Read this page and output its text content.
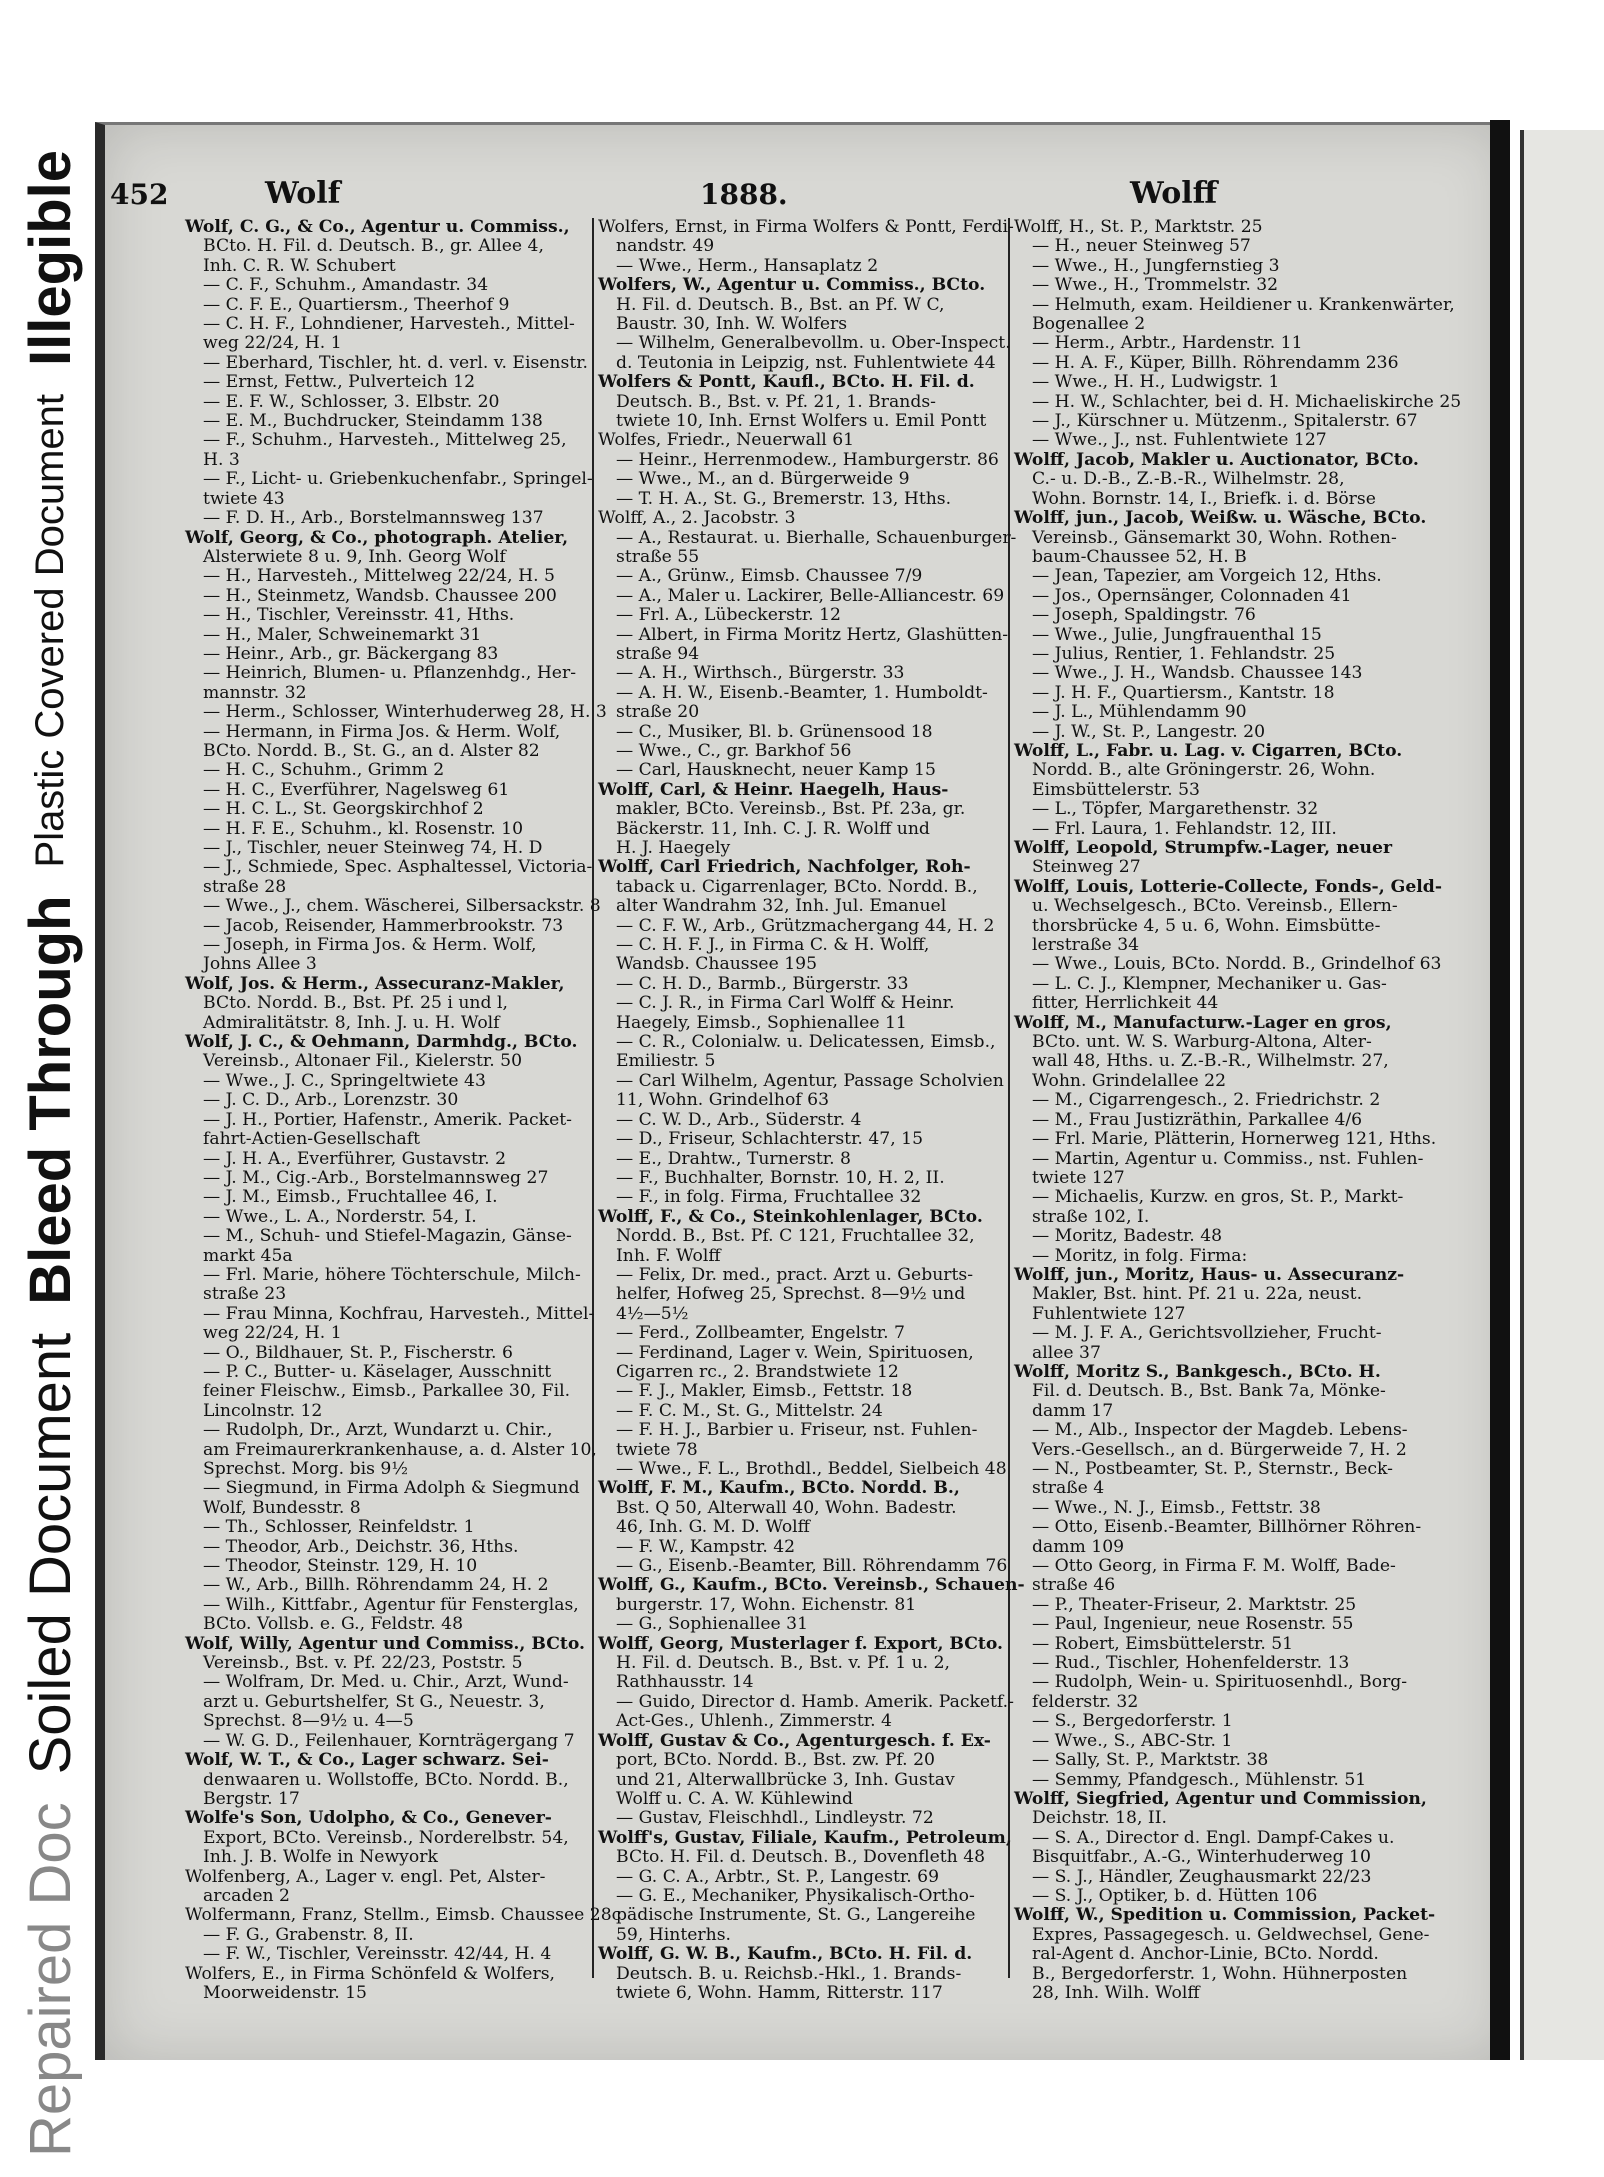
Illegible
Plastic Covered Document
Bleed Through
Soiled Document
Repaired Doc
452	Wolf	1888.	Wolff
Wolf, C. G., & Co., Agentur u. Commiss.,
BCto. H. Fil. d. Deutsch. B., gr. Allee 4,
Inh. C. R. W. Schubert
— C. F., Schuhm., Amandastr. 34
— C. F. E., Quartiersm., Theerhof 9
— C. H. F., Lohndiener, Harvesteh., Mittel-
weg 22/24, H. 1
— Eberhard, Tischler, ht. d. verl. v. Eisenstr.
— Ernst, Fettw., Pulverteich 12
— E. F. W., Schlosser, 3. Elbstr. 20
— E. M., Buchdrucker, Steindamm 138
— F., Schuhm., Harvesteh., Mittelweg 25,
H. 3
— F., Licht- u. Griebenkuchenfabr., Springel-
twiete 43
— F. D. H., Arb., Borstelmannsweg 137
Wolf, Georg, & Co., photograph. Atelier,
Alsterwiete 8 u. 9, Inh. Georg Wolf
— H., Harvesteh., Mittelweg 22/24, H. 5
— H., Steinmetz, Wandsb. Chaussee 200
— H., Tischler, Vereinsstr. 41, Hths.
— H., Maler, Schweinemarkt 31
— Heinr., Arb., gr. Bäckergang 83
— Heinrich, Blumen- u. Pflanzenhdg., Her-
mannstr. 32
— Herm., Schlosser, Winterhuderweg 28, H. 3
— Hermann, in Firma Jos. & Herm. Wolf,
BCto. Nordd. B., St. G., an d. Alster 82
— H. C., Schuhm., Grimm 2
— H. C., Everführer, Nagelsweg 61
— H. C. L., St. Georgskirchhof 2
— H. F. E., Schuhm., kl. Rosenstr. 10
— J., Tischler, neuer Steinweg 74, H. D
— J., Schmiede, Spec. Asphaltessel, Victoria-
straße 28
— Wwe., J., chem. Wäscherei, Silbersackstr. 8
— Jacob, Reisender, Hammerbrookstr. 73
— Joseph, in Firma Jos. & Herm. Wolf,
Johns Allee 3
Wolf, Jos. & Herm., Assecuranz-Makler,
BCto. Nordd. B., Bst. Pf. 25 i und l,
Admiralitätstr. 8, Inh. J. u. H. Wolf
Wolf, J. C., & Oehmann, Darmhdg., BCto.
Vereinsb., Altonaer Fil., Kielerstr. 50
— Wwe., J. C., Springeltwiete 43
— J. C. D., Arb., Lorenzstr. 30
— J. H., Portier, Hafenstr., Amerik. Packet-
fahrt-Actien-Gesellschaft
— J. H. A., Everführer, Gustavstr. 2
— J. M., Cig.-Arb., Borstelmannsweg 27
— J. M., Eimsb., Fruchtallee 46, I.
— Wwe., L. A., Norderstr. 54, I.
— M., Schuh- und Stiefel-Magazin, Gänse-
markt 45a
— Frl. Marie, höhere Töchterschule, Milch-
straße 23
— Frau Minna, Kochfrau, Harvesteh., Mittel-
weg 22/24, H. 1
— O., Bildhauer, St. P., Fischerstr. 6
— P. C., Butter- u. Käselager, Ausschnitt
feiner Fleischw., Eimsb., Parkallee 30, Fil.
Lincolnstr. 12
— Rudolph, Dr., Arzt, Wundarzt u. Chir.,
am Freimaurerkrankenhause, a. d. Alster 10,
Sprechst. Morg. bis 9½
— Siegmund, in Firma Adolph & Siegmund
Wolf, Bundesstr. 8
— Th., Schlosser, Reinfeldstr. 1
— Theodor, Arb., Deichstr. 36, Hths.
— Theodor, Steinstr. 129, H. 10
— W., Arb., Billh. Röhrendamm 24, H. 2
— Wilh., Kittfabr., Agentur für Fensterglas,
BCto. Vollsb. e. G., Feldstr. 48
Wolf, Willy, Agentur und Commiss., BCto.
Vereinsb., Bst. v. Pf. 22/23, Poststr. 5
— Wolfram, Dr. Med. u. Chir., Arzt, Wund-
arzt u. Geburtshelfer, St G., Neuestr. 3,
Sprechst. 8—9½ u. 4—5
— W. G. D., Feilenhauer, Kornträgergang 7
Wolf, W. T., & Co., Lager schwarz. Sei-
denwaaren u. Wollstoffe, BCto. Nordd. B.,
Bergstr. 17
Wolfe's Son, Udolpho, & Co., Genever-
Export, BCto. Vereinsb., Norderelbstr. 54,
Inh. J. B. Wolfe in Newyork
Wolfenberg, A., Lager v. engl. Pet, Alster-
arcaden 2
Wolfermann, Franz, Stellm., Eimsb. Chaussee 28c
— F. G., Grabenstr. 8, II.
— F. W., Tischler, Vereinsstr. 42/44, H. 4
Wolfers, E., in Firma Schönfeld & Wolfers,
Moorweidenstr. 15
Wolfers, Ernst, in Firma Wolfers & Pontt, Ferdi-
nandstr. 49
— Wwe., Herm., Hansaplatz 2
Wolfers, W., Agentur u. Commiss., BCto.
H. Fil. d. Deutsch. B., Bst. an Pf. W C,
Baustr. 30, Inh. W. Wolfers
— Wilhelm, Generalbevollm. u. Ober-Inspect.
d. Teutonia in Leipzig, nst. Fuhlentwiete 44
Wolfers & Pontt, Kaufl., BCto. H. Fil. d.
Deutsch. B., Bst. v. Pf. 21, 1. Brands-
twiete 10, Inh. Ernst Wolfers u. Emil Pontt
Wolfes, Friedr., Neuerwall 61
— Heinr., Herrenmodew., Hamburgerstr. 86
— Wwe., M., an d. Bürgerweide 9
— T. H. A., St. G., Bremerstr. 13, Hths.
Wolff, A., 2. Jacobstr. 3
— A., Restaurat. u. Bierhalle, Schauenburger-
straße 55
— A., Grünw., Eimsb. Chaussee 7/9
— A., Maler u. Lackirer, Belle-Alliancestr. 69
— Frl. A., Lübeckerstr. 12
— Albert, in Firma Moritz Hertz, Glashütten-
straße 94
— A. H., Wirthsch., Bürgerstr. 33
— A. H. W., Eisenb.-Beamter, 1. Humboldt-
straße 20
— C., Musiker, Bl. b. Grünensood 18
— Wwe., C., gr. Barkhof 56
— Carl, Hausknecht, neuer Kamp 15
Wolff, Carl, & Heinr. Haegelh, Haus-
makler, BCto. Vereinsb., Bst. Pf. 23a, gr.
Bäckerstr. 11, Inh. C. J. R. Wolff und
H. J. Haegely
Wolff, Carl Friedrich, Nachfolger, Roh-
taback u. Cigarrenlager, BCto. Nordd. B.,
alter Wandrahm 32, Inh. Jul. Emanuel
— C. F. W., Arb., Grützmachergang 44, H. 2
— C. H. F. J., in Firma C. & H. Wolff,
Wandsb. Chaussee 195
— C. H. D., Barmb., Bürgerstr. 33
— C. J. R., in Firma Carl Wolff & Heinr.
Haegely, Eimsb., Sophienallee 11
— C. R., Colonialw. u. Delicatessen, Eimsb.,
Emiliestr. 5
— Carl Wilhelm, Agentur, Passage Scholvien
11, Wohn. Grindelhof 63
— C. W. D., Arb., Süderstr. 4
— D., Friseur, Schlachterstr. 47, 15
— E., Drahtw., Turnerstr. 8
— F., Buchhalter, Bornstr. 10, H. 2, II.
— F., in folg. Firma, Fruchtallee 32
Wolff, F., & Co., Steinkohlenlager, BCto.
Nordd. B., Bst. Pf. C 121, Fruchtallee 32,
Inh. F. Wolff
— Felix, Dr. med., pract. Arzt u. Geburts-
helfer, Hofweg 25, Sprechst. 8—9½ und
4½—5½
— Ferd., Zollbeamter, Engelstr. 7
— Ferdinand, Lager v. Wein, Spirituosen,
Cigarren rc., 2. Brandstwiete 12
— F. J., Makler, Eimsb., Fettstr. 18
— F. C. M., St. G., Mittelstr. 24
— F. H. J., Barbier u. Friseur, nst. Fuhlen-
twiete 78
— Wwe., F. L., Brothdl., Beddel, Sielbeich 48
Wolff, F. M., Kaufm., BCto. Nordd. B.,
Bst. Q 50, Alterwall 40, Wohn. Badestr.
46, Inh. G. M. D. Wolff
— F. W., Kampstr. 42
— G., Eisenb.-Beamter, Bill. Röhrendamm 76
Wolff, G., Kaufm., BCto. Vereinsb., Schauen-
burgerstr. 17, Wohn. Eichenstr. 81
— G., Sophienallee 31
Wolff, Georg, Musterlager f. Export, BCto.
H. Fil. d. Deutsch. B., Bst. v. Pf. 1 u. 2,
Rathhausstr. 14
— Guido, Director d. Hamb. Amerik. Packetf.-
Act-Ges., Uhlenh., Zimmerstr. 4
Wolff, Gustav & Co., Agenturgesch. f. Ex-
port, BCto. Nordd. B., Bst. zw. Pf. 20
und 21, Alterwallbrücke 3, Inh. Gustav
Wolff u. C. A. W. Kühlewind
— Gustav, Fleischhdl., Lindleystr. 72
Wolff's, Gustav, Filiale, Kaufm., Petroleum,
BCto. H. Fil. d. Deutsch. B., Dovenfleth 48
— G. C. A., Arbtr., St. P., Langestr. 69
— G. E., Mechaniker, Physikalisch-Ortho-
pädische Instrumente, St. G., Langereihe
59, Hinterhs.
Wolff, G. W. B., Kaufm., BCto. H. Fil. d.
Deutsch. B. u. Reichsb.-Hkl., 1. Brands-
twiete 6, Wohn. Hamm, Ritterstr. 117
Wolff, H., St. P., Marktstr. 25
— H., neuer Steinweg 57
— Wwe., H., Jungfernstieg 3
— Wwe., H., Trommelstr. 32
— Helmuth, exam. Heildiener u. Krankenwärter,
Bogenallee 2
— Herm., Arbtr., Hardenstr. 11
— H. A. F., Küper, Billh. Röhrendamm 236
— Wwe., H. H., Ludwigstr. 1
— H. W., Schlachter, bei d. H. Michaeliskirche 25
— J., Kürschner u. Mützenm., Spitalerstr. 67
— Wwe., J., nst. Fuhlentwiete 127
Wolff, Jacob, Makler u. Auctionator, BCto.
C.- u. D.-B., Z.-B.-R., Wilhelmstr. 28,
Wohn. Bornstr. 14, I., Briefk. i. d. Börse
Wolff, jun., Jacob, Weißw. u. Wäsche, BCto.
Vereinsb., Gänsemarkt 30, Wohn. Rothen-
baum-Chaussee 52, H. B
— Jean, Tapezier, am Vorgeich 12, Hths.
— Jos., Opernsänger, Colonnaden 41
— Joseph, Spaldingstr. 76
— Wwe., Julie, Jungfrauenthal 15
— Julius, Rentier, 1. Fehlandstr. 25
— Wwe., J. H., Wandsb. Chaussee 143
— J. H. F., Quartiersm., Kantstr. 18
— J. L., Mühlendamm 90
— J. W., St. P., Langestr. 20
Wolff, L., Fabr. u. Lag. v. Cigarren, BCto.
Nordd. B., alte Gröningerstr. 26, Wohn.
Eimsbüttelerstr. 53
— L., Töpfer, Margarethenstr. 32
— Frl. Laura, 1. Fehlandstr. 12, III.
Wolff, Leopold, Strumpfw.-Lager, neuer
Steinweg 27
Wolff, Louis, Lotterie-Collecte, Fonds-, Geld-
u. Wechselgesch., BCto. Vereinsb., Ellern-
thorsbrücke 4, 5 u. 6, Wohn. Eimsbütte-
lerstraße 34
— Wwe., Louis, BCto. Nordd. B., Grindelhof 63
— L. C. J., Klempner, Mechaniker u. Gas-
fitter, Herrlichkeit 44
Wolff, M., Manufacturw.-Lager en gros,
BCto. unt. W. S. Warburg-Altona, Alter-
wall 48, Hths. u. Z.-B.-R., Wilhelmstr. 27,
Wohn. Grindelallee 22
— M., Cigarrengesch., 2. Friedrichstr. 2
— M., Frau Justizräthin, Parkallee 4/6
— Frl. Marie, Plätterin, Hornerweg 121, Hths.
— Martin, Agentur u. Commiss., nst. Fuhlen-
twiete 127
— Michaelis, Kurzw. en gros, St. P., Markt-
straße 102, I.
— Moritz, Badestr. 48
— Moritz, in folg. Firma:
Wolff, jun., Moritz, Haus- u. Assecuranz-
Makler, Bst. hint. Pf. 21 u. 22a, neust.
Fuhlentwiete 127
— M. J. F. A., Gerichtsvollzieher, Frucht-
allee 37
Wolff, Moritz S., Bankgesch., BCto. H.
Fil. d. Deutsch. B., Bst. Bank 7a, Mönke-
damm 17
— M., Alb., Inspector der Magdeb. Lebens-
Vers.-Gesellsch., an d. Bürgerweide 7, H. 2
— N., Postbeamter, St. P., Sternstr., Beck-
straße 4
— Wwe., N. J., Eimsb., Fettstr. 38
— Otto, Eisenb.-Beamter, Billhörner Röhren-
damm 109
— Otto Georg, in Firma F. M. Wolff, Bade-
straße 46
— P., Theater-Friseur, 2. Marktstr. 25
— Paul, Ingenieur, neue Rosenstr. 55
— Robert, Eimsbüttelerstr. 51
— Rud., Tischler, Hohenfelderstr. 13
— Rudolph, Wein- u. Spirituosenhdl., Borg-
felderstr. 32
— S., Bergedorferstr. 1
— Wwe., S., ABC-Str. 1
— Sally, St. P., Marktstr. 38
— Semmy, Pfandgesch., Mühlenstr. 51
Wolff, Siegfried, Agentur und Commission,
Deichstr. 18, II.
— S. A., Director d. Engl. Dampf-Cakes u.
Bisquitfabr., A.-G., Winterhuderweg 10
— S. J., Händler, Zeughausmarkt 22/23
— S. J., Optiker, b. d. Hütten 106
Wolff, W., Spedition u. Commission, Packet-
Expres, Passagegesch. u. Geldwechsel, Gene-
ral-Agent d. Anchor-Linie, BCto. Nordd.
B., Bergedorferstr. 1, Wohn. Hühnerposten
28, Inh. Wilh. Wolff
